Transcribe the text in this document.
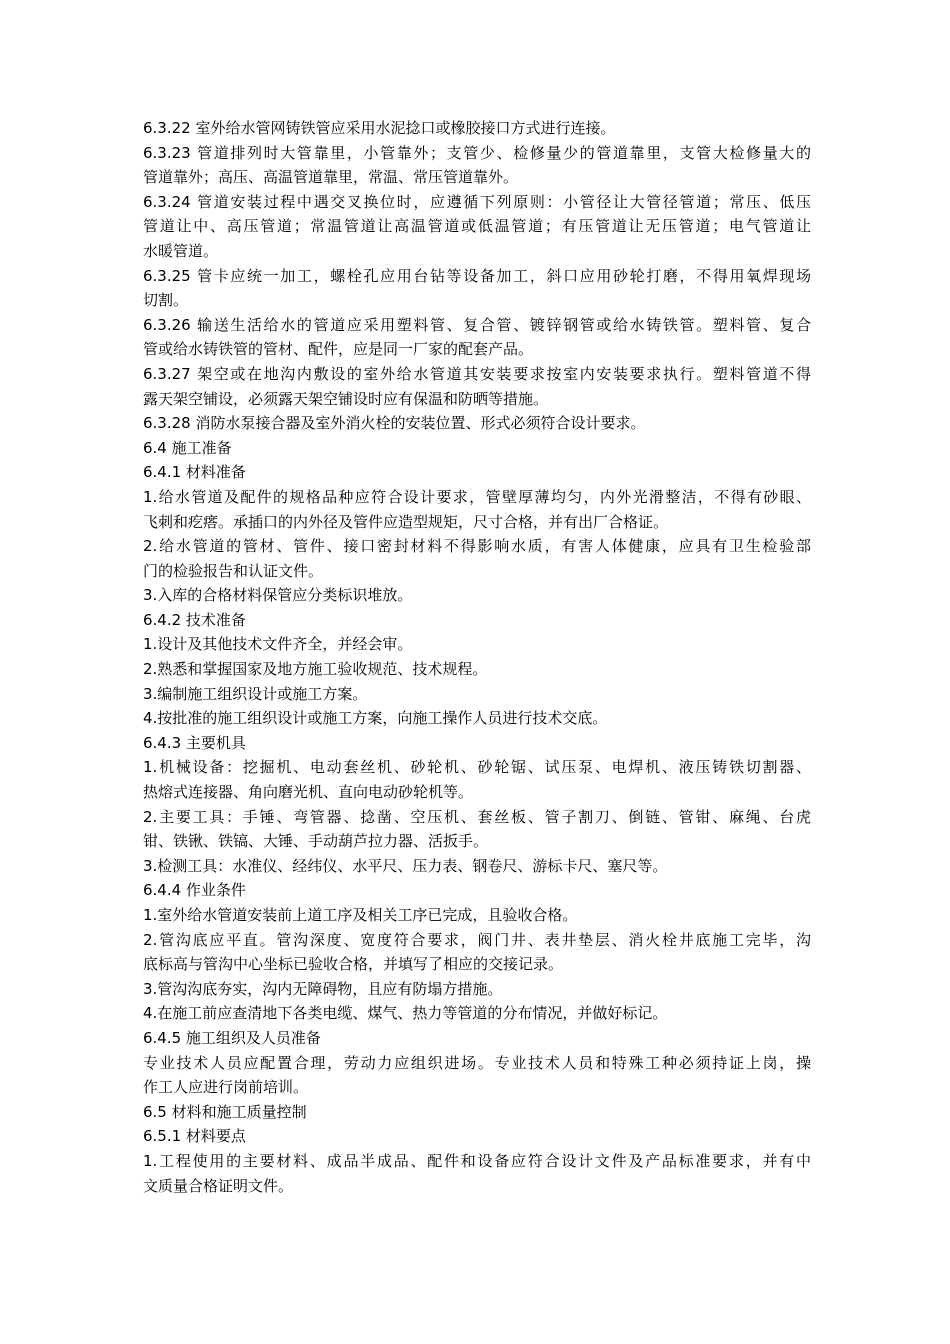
6.3.22 室外给水管网铸铁管应采用水泥捻口或橡胶接口方式进行连接。
6.3.23 管道排列时大管靠里，小管靠外；支管少、检修量少的管道靠里，支管大检修量大的
管道靠外；高压、高温管道靠里，常温、常压管道靠外。
6.3.24 管道安装过程中遇交叉换位时，应遵循下列原则：小管径让大管径管道；常压、低压
管道让中、高压管道；常温管道让高温管道或低温管道；有压管道让无压管道；电气管道让
水暖管道。
6.3.25 管卡应统一加工，螺栓孔应用台钻等设备加工，斜口应用砂轮打磨，不得用氧焊现场
切割。
6.3.26 输送生活给水的管道应采用塑料管、复合管、镀锌钢管或给水铸铁管。塑料管、复合
管或给水铸铁管的管材、配件，应是同一厂家的配套产品。
6.3.27 架空或在地沟内敷设的室外给水管道其安装要求按室内安装要求执行。塑料管道不得
露天架空铺设，必须露天架空铺设时应有保温和防晒等措施。
6.3.28 消防水泵接合器及室外消火栓的安装位置、形式必须符合设计要求。
6.4 施工准备
6.4.1 材料准备
1.给水管道及配件的规格品种应符合设计要求，管壁厚薄均匀，内外光滑整洁，不得有砂眼、
飞刺和疙瘩。承插口的内外径及管件应造型规矩，尺寸合格，并有出厂合格证。
2.给水管道的管材、管件、接口密封材料不得影响水质，有害人体健康，应具有卫生检验部
门的检验报告和认证文件。
3.入库的合格材料保管应分类标识堆放。
6.4.2 技术准备
1.设计及其他技术文件齐全，并经会审。
2.熟悉和掌握国家及地方施工验收规范、技术规程。
3.编制施工组织设计或施工方案。
4.按批准的施工组织设计或施工方案，向施工操作人员进行技术交底。
6.4.3 主要机具
1.机械设备：挖掘机、电动套丝机、砂轮机、砂轮锯、试压泵、电焊机、液压铸铁切割器、
热熔式连接器、角向磨光机、直向电动砂轮机等。
2.主要工具：手锤、弯管器、捻凿、空压机、套丝板、管子割刀、倒链、管钳、麻绳、台虎
钳、铁锹、铁镐、大锤、手动葫芦拉力器、活扳手。
3.检测工具：水准仪、经纬仪、水平尺、压力表、钢卷尺、游标卡尺、塞尺等。
6.4.4 作业条件
1.室外给水管道安装前上道工序及相关工序已完成，且验收合格。
2.管沟底应平直。管沟深度、宽度符合要求，阀门井、表井垫层、消火栓井底施工完毕，沟
底标高与管沟中心坐标已验收合格，并填写了相应的交接记录。
3.管沟沟底夯实，沟内无障碍物，且应有防塌方措施。
4.在施工前应查清地下各类电缆、煤气、热力等管道的分布情况，并做好标记。
6.4.5 施工组织及人员准备
专业技术人员应配置合理，劳动力应组织进场。专业技术人员和特殊工种必须持证上岗，操
作工人应进行岗前培训。
6.5 材料和施工质量控制
6.5.1 材料要点
1.工程使用的主要材料、成品半成品、配件和设备应符合设计文件及产品标准要求，并有中
文质量合格证明文件。
